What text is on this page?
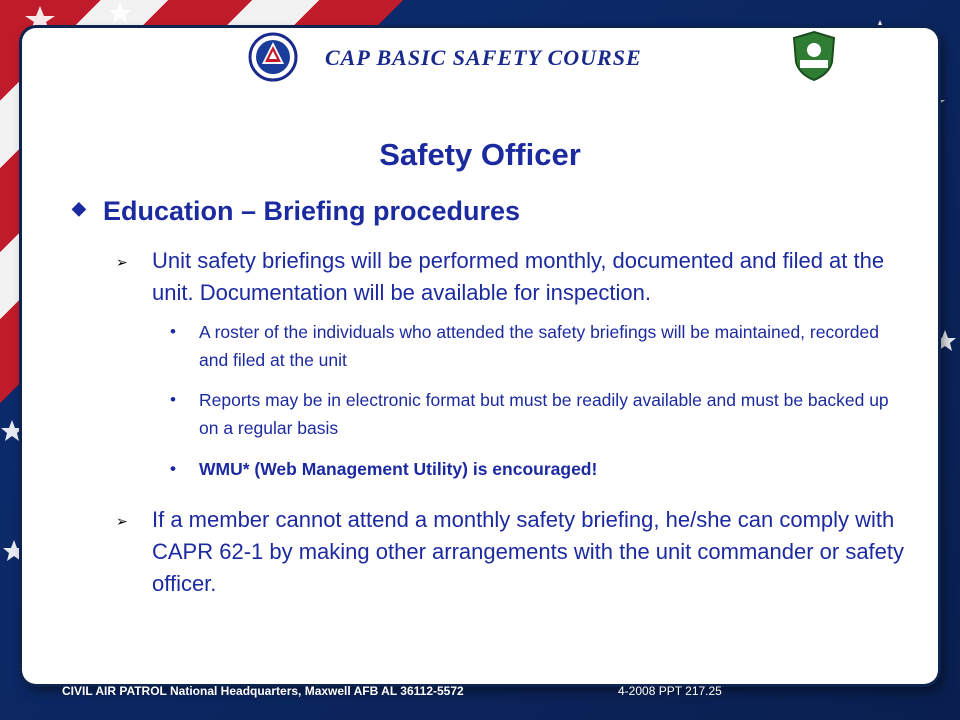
CAP BASIC SAFETY COURSE
Safety Officer
◆ Education – Briefing procedures
➢ Unit safety briefings will be performed monthly, documented and filed at the unit. Documentation will be available for inspection.
• A roster of the individuals who attended the safety briefings will be maintained, recorded and filed at the unit
• Reports may be in electronic format but must be readily available and must be backed up on a regular basis
• WMU* (Web Management Utility) is encouraged!
➢ If a member cannot attend a monthly safety briefing, he/she can comply with CAPR 62-1 by making other arrangements with the unit commander or safety officer.
CIVIL AIR PATROL National Headquarters, Maxwell AFB AL 36112-5572	4-2008 PPT 217.25
